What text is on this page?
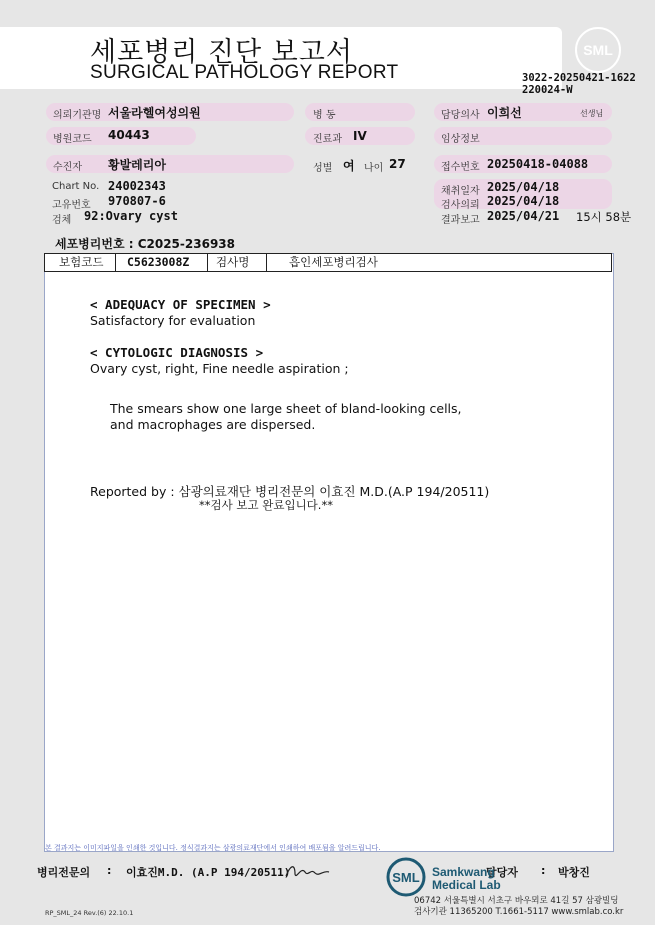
세포병리 진단 보고서
SURGICAL PATHOLOGY REPORT
SML
3022-20250421-1622
220024-W
의뢰기관명 서울라헬여성의원	병 동	담당의사 이희선	선생님
병원코드 40443	진료과 IV	임상정보
수진자 황발레리아	성별 여 나이 27	접수번호 20250418-04088
Chart No. 24002343
고유번호 970807-6
검체 92:Ovary cyst
채취일자 2025/04/18
검사의뢰 2025/04/18
결과보고 2025/04/21 15시 58분
세포병리번호 : C2025-236938
보험코드 C5623008Z 검사명	흡인세포병리검사
< ADEQUACY OF SPECIMEN >
Satisfactory for evaluation
< CYTOLOGIC DIAGNOSIS >
Ovary cyst, right, Fine needle aspiration ;
The smears show one large sheet of bland-looking cells,
and macrophages are dispersed.
Reported by : 삼광의료재단 병리전문의 이효진 M.D.(A.P 194/20511)
**검사 보고 완료입니다.**
본 결과지는 이미지파일을 인쇄한 것입니다. 정식결과지는 삼광의료재단에서 인쇄하여 배포됨을 알려드립니다.
병리전문의 : 이효진M.D. (A.P 194/20511)	담당자 : 박창진
SML Samkwang
Medical Lab
06742 서울특별시 서초구 바우뫼로 41길 57 삼광빌딩
검사기관 11365200 T.1661-5117 www.smlab.co.kr
RP_SML_24 Rev.(6) 22.10.1
